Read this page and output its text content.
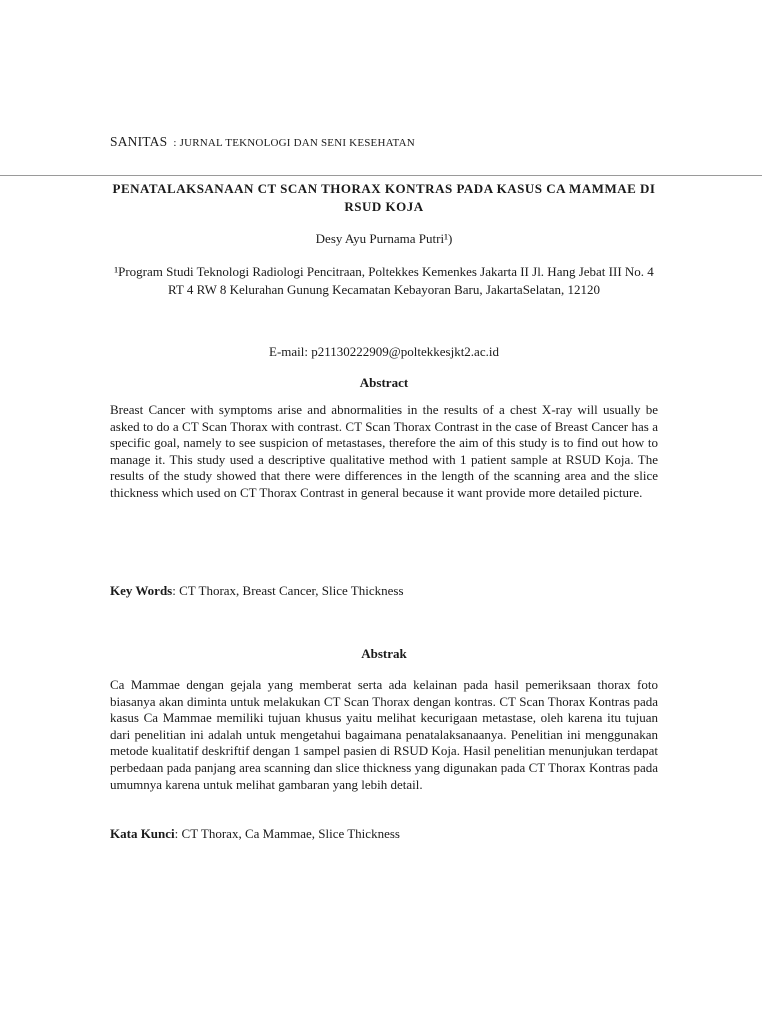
SANITAS : JURNAL TEKNOLOGI DAN SENI KESEHATAN
PENATALAKSANAAN CT SCAN THORAX KONTRAS PADA KASUS CA MAMMAE DI RSUD KOJA
Desy Ayu Purnama Putri¹)
¹Program Studi Teknologi Radiologi Pencitraan, Poltekkes Kemenkes Jakarta II Jl. Hang Jebat III No. 4 RT 4 RW 8 Kelurahan Gunung Kecamatan Kebayoran Baru, JakartaSelatan, 12120
E-mail: p21130222909@poltekkesjkt2.ac.id
Abstract

Breast Cancer with symptoms arise and abnormalities in the results of a chest X-ray will usually be asked to do a CT Scan Thorax with contrast. CT Scan Thorax Contrast in the case of Breast Cancer has a specific goal, namely to see suspicion of metastases, therefore the aim of this study is to find out how to manage it. This study used a descriptive qualitative method with 1 patient sample at RSUD Koja. The results of the study showed that there were differences in the length of the scanning area and the slice thickness which used on CT Thorax Contrast in general because it want provide more detailed picture.

Key Words: CT Thorax, Breast Cancer, Slice Thickness
Abstrak

Ca Mammae dengan gejala yang memberat serta ada kelainan pada hasil pemeriksaan thorax foto biasanya akan diminta untuk melakukan CT Scan Thorax dengan kontras. CT Scan Thorax Kontras pada kasus Ca Mammae memiliki tujuan khusus yaitu melihat kecurigaan metastase, oleh karena itu tujuan dari penelitian ini adalah untuk mengetahui bagaimana penatalaksanaanya. Penelitian ini menggunakan metode kualitatif deskriftif dengan 1 sampel pasien di RSUD Koja. Hasil penelitian menunjukan terdapat perbedaan pada panjang area scanning dan slice thickness yang digunakan pada CT Thorax Kontras pada umumnya karena untuk melihat gambaran yang lebih detail.

Kata Kunci: CT Thorax, Ca Mammae, Slice Thickness
